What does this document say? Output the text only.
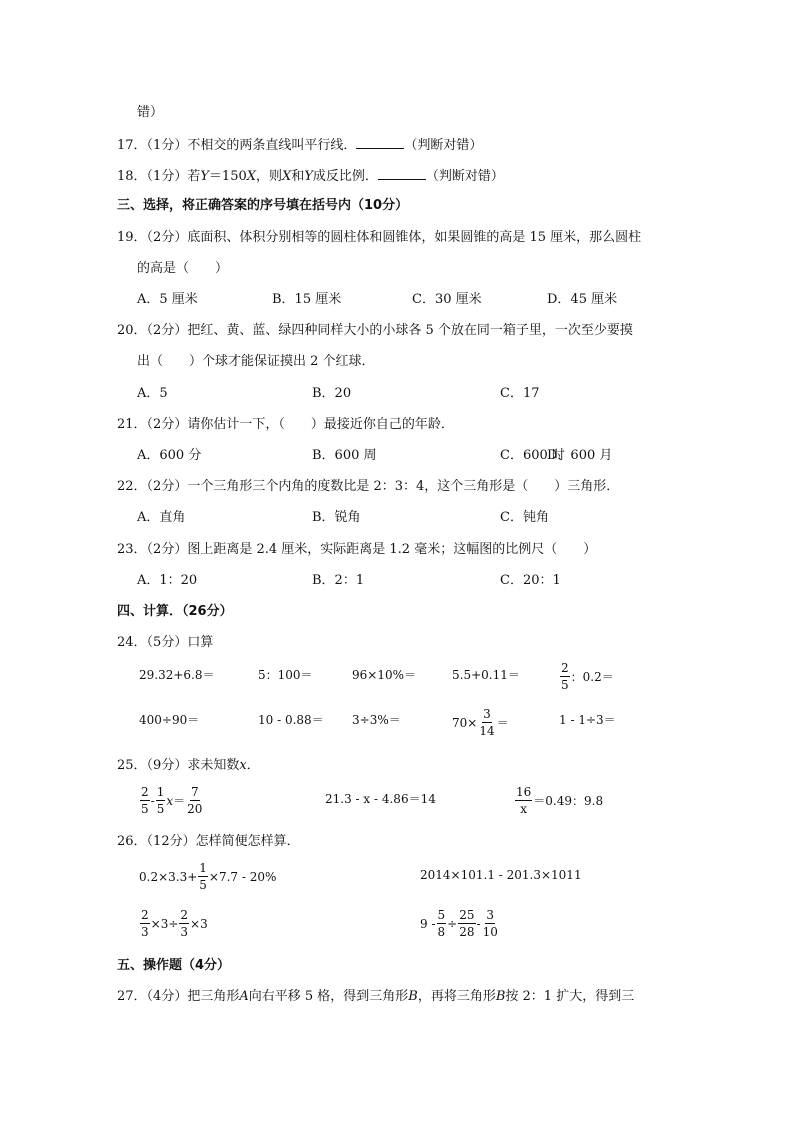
错）
17．（1分）不相交的两条直线叫平行线．	（判断对错）
18．（1分）若Y＝150X，则X和Y成反比例．	（判断对错）
三、选择，将正确答案的序号填在括号内（10分）
19．（2分）底面积、体积分别相等的圆柱体和圆锥体，如果圆锥的高是 15 厘米，那么圆柱
的高是（　　）
A．5 厘米	B．15 厘米	C．30 厘米	D．45 厘米
20．（2分）把红、黄、蓝、绿四种同样大小的小球各 5 个放在同一箱子里，一次至少要摸
出（　　）个球才能保证摸出 2 个红球．
A．5	B．20	C．17
21．（2分）请你估计一下，（　　）最接近你自己的年龄．
A．600 分	B．600 周	C．600 时
D．600 月
22．（2分）一个三角形三个内角的度数比是 2：3：4，这个三角形是（　　）三角形．
A．直角	B．锐角	C．钝角
23．（2分）图上距离是 2.4 厘米，实际距离是 1.2 毫米；这幅图的比例尺（　　）
A．1：20	B．2：1	C．20：1
四、计算．（26分）
24．（5分）口算
29.32+6.8＝	5：100＝	96×10%＝	5.5+0.11＝	$\frac{2}{5}$ ：0.2＝
400÷90＝	10 - 0.88＝ 3÷3%＝	$70\times \frac{3}{14}$ ＝	1 - 1÷3＝
25．（9分）求未知数x．
$\frac{2}{5} - \frac{1}{5}$ $x = \frac{7}{20}$	21.3 - x - 4.86＝14	$\frac{16}{x} =0.49$：9.8
26．（12分）怎样简便怎样算．
$0.2\times 3.3+ \frac{1}{5} \times 7.7 - 20\%$	2014×101.1 - 201.3×1011
$\frac{2}{3} \times 3\div \frac{2}{3} \times 3$	$9 - \frac{5}{8} \div \frac{25}{28} - \frac{3}{10}$
五、操作题（4分）
27．（4分）把三角形A向右平移 5 格，得到三角形B，再将三角形B按 2：1 扩大，得到三
